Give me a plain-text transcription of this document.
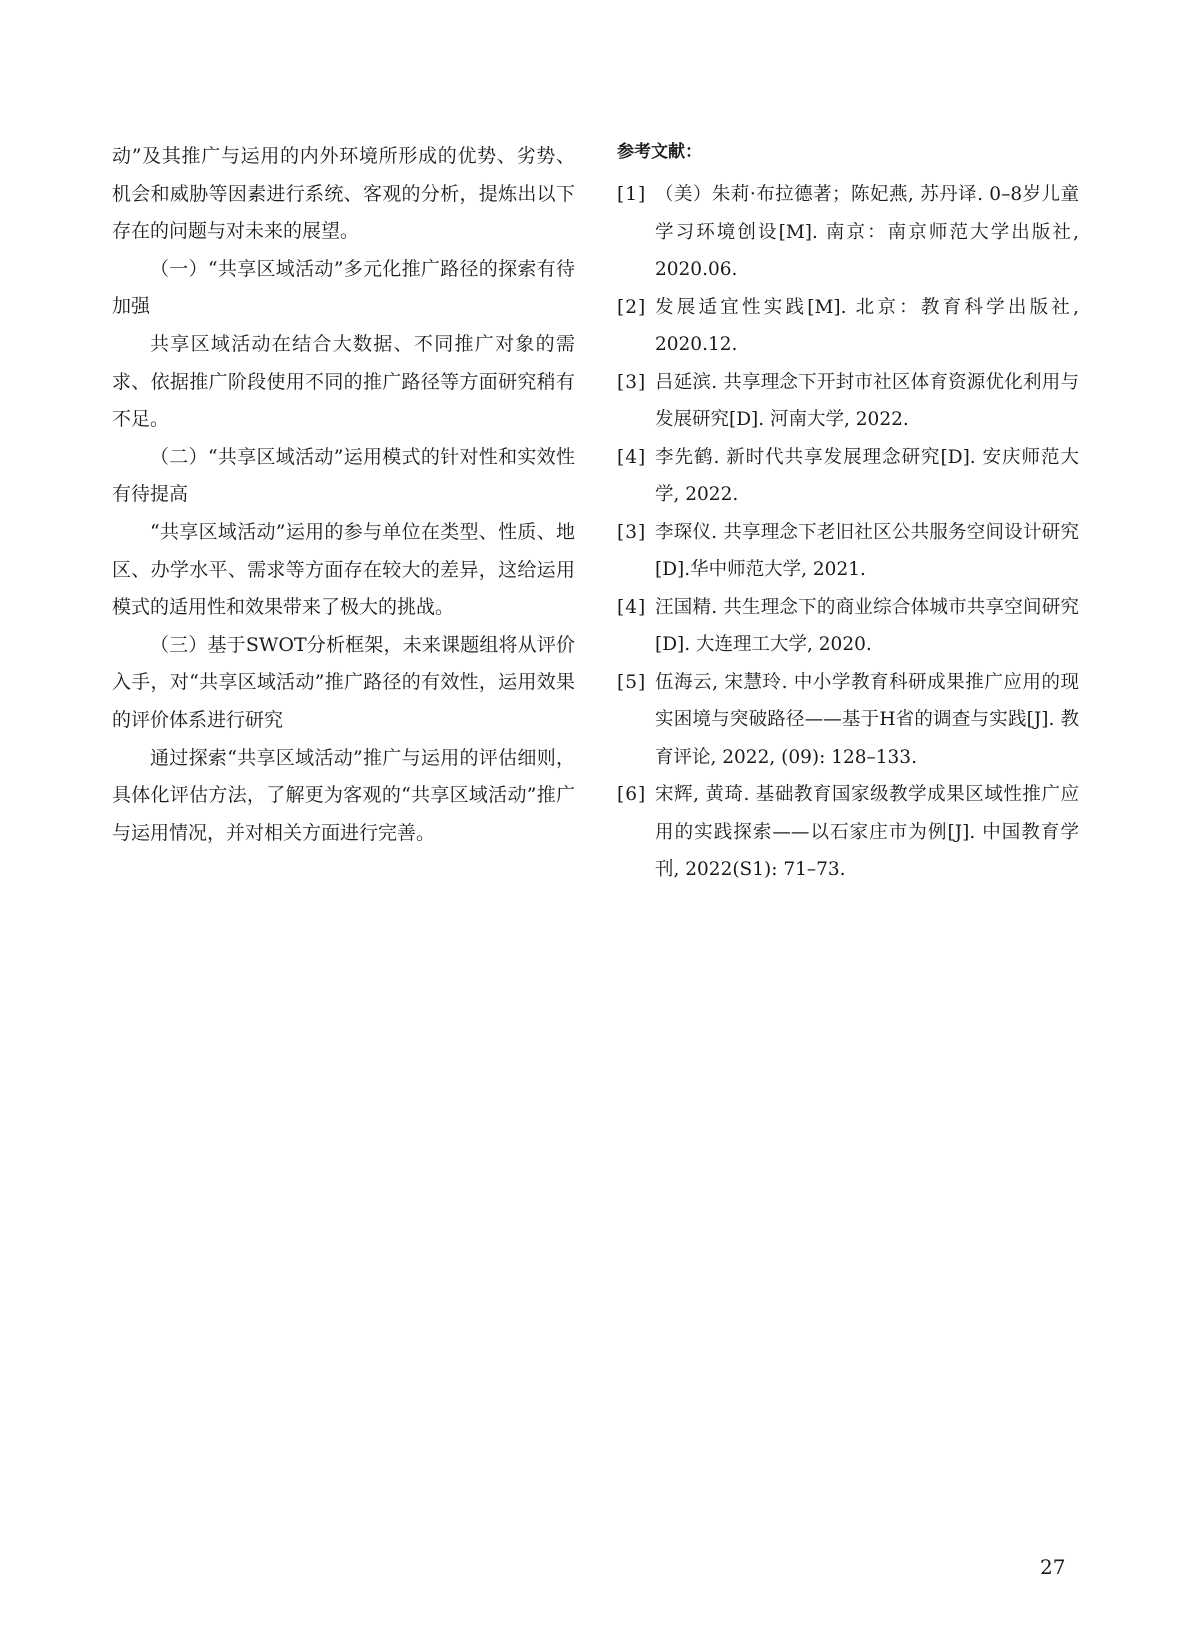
动”及其推广与运用的内外环境所形成的优势、劣势、机会和威胁等因素进行系统、客观的分析，提炼出以下存在的问题与对未来的展望。

（一）“共享区域活动”多元化推广路径的探索有待加强

共享区域活动在结合大数据、不同推广对象的需求、依据推广阶段使用不同的推广路径等方面研究稍有不足。

（二）“共享区域活动”运用模式的针对性和实效性有待提高

“共享区域活动”运用的参与单位在类型、性质、地区、办学水平、需求等方面存在较大的差异，这给运用模式的适用性和效果带来了极大的挑战。

（三）基于SWOT分析框架，未来课题组将从评价入手，对“共享区域活动”推广路径的有效性，运用效果的评价体系进行研究

通过探索“共享区域活动”推广与运用的评估细则，具体化评估方法，了解更为客观的“共享区域活动”推广与运用情况，并对相关方面进行完善。

参考文献：

[1] （美）朱莉·布拉德著；陈妃燕, 苏丹译. 0–8岁儿童学习环境创设[M]. 南京：南京师范大学出版社, 2020.06.
[2] 发展适宜性实践[M]. 北京：教育科学出版社, 2020.12.
[3] 吕延滨. 共享理念下开封市社区体育资源优化利用与发展研究[D]. 河南大学, 2022.
[4] 李先鹤. 新时代共享发展理念研究[D]. 安庆师范大学, 2022.
[3] 李琛仪. 共享理念下老旧社区公共服务空间设计研究[D].华中师范大学, 2021.
[4] 汪国精. 共生理念下的商业综合体城市共享空间研究[D]. 大连理工大学, 2020.
[5] 伍海云, 宋慧玲. 中小学教育科研成果推广应用的现实困境与突破路径——基于H省的调查与实践[J]. 教育评论, 2022, (09): 128–133.
[6] 宋辉, 黄琦. 基础教育国家级教学成果区域性推广应用的实践探索——以石家庄市为例[J]. 中国教育学刊, 2022(S1): 71–73.
27
